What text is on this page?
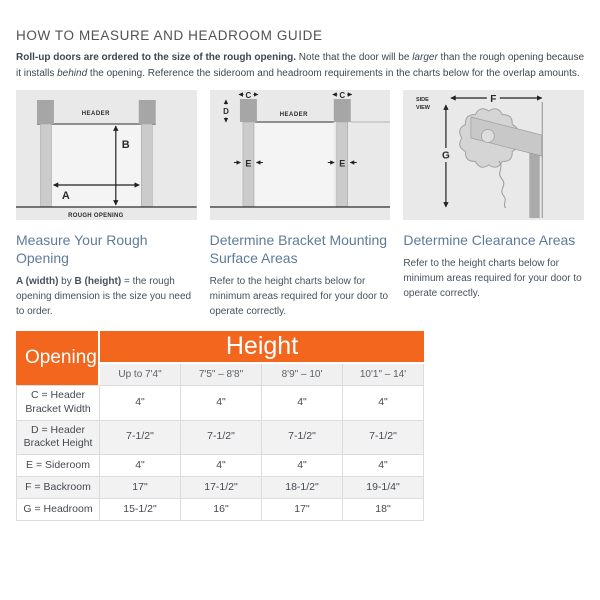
HOW TO MEASURE AND HEADROOM GUIDE

Roll-up doors are ordered to the size of the rough opening. Note that the door will be larger than the rough opening because it installs behind the opening. Reference the sideroom and headroom requirements in the charts below for the overlap amounts.

HEADER
B
A
ROUGH OPENING
Measure Your Rough Opening

A (width) by B (height) = the rough opening dimension is the size you need to order.

C	C
D	HEADER
E	E
Determine Bracket Mounting Surface Areas

Refer to the height charts below for minimum areas required for your door to operate correctly.

SIDE
VIEW
F
G
Determine Clearance Areas

Refer to the height charts below for minimum areas required for your door to operate correctly.

Opening	Height			
	Up to 7'4"	7'5" – 8'8"	8'9" – 10'	10'1" – 14'
C = Header Bracket Width	4"	4"	4"	4"
D = Header Bracket Height	7-1/2"	7-1/2"	7-1/2"	7-1/2"
E = Sideroom	4"	4"	4"	4"
F = Backroom	17"	17-1/2"	18-1/2"	19-1/4"
G = Headroom	15-1/2"	16"	17"	18"
